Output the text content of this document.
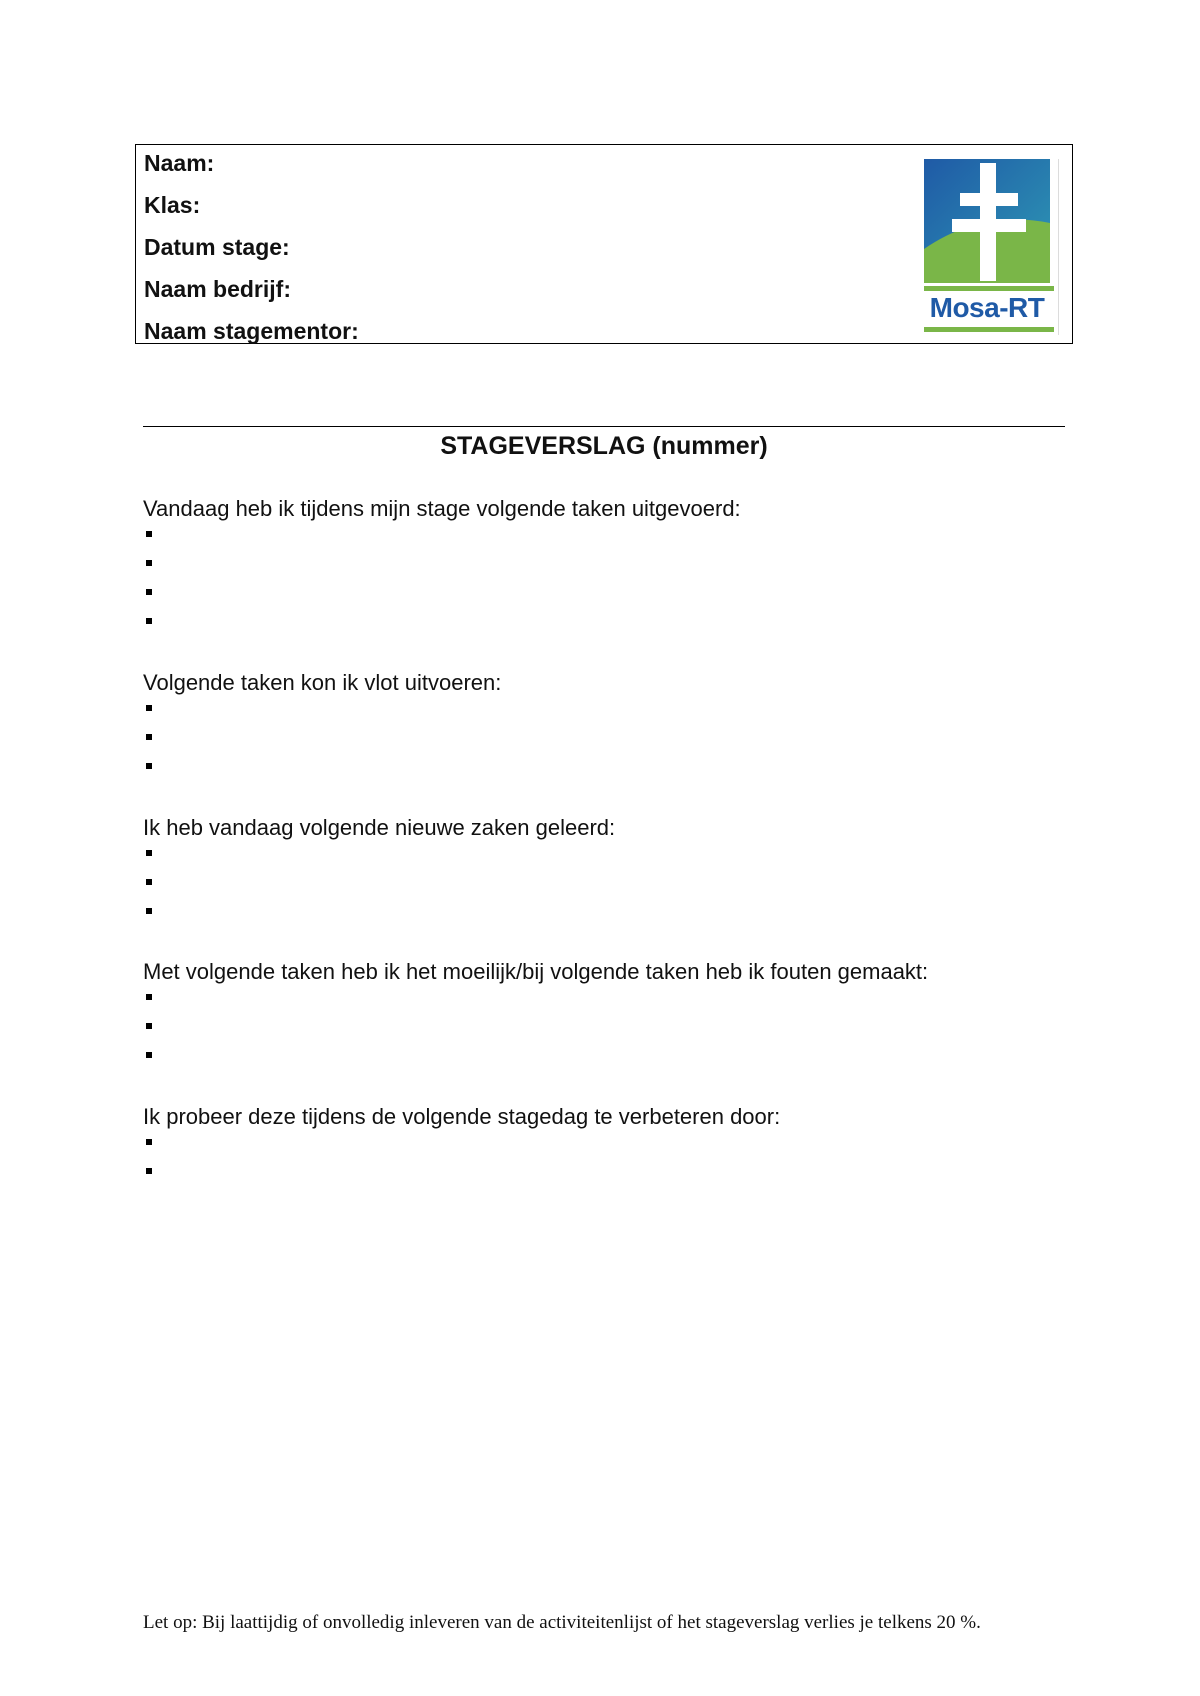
Naam:
Klas:
Datum stage:
Naam bedrijf:
Naam stagementor:
Mosa-RT
STAGEVERSLAG (nummer)
Vandaag heb ik tijdens mijn stage volgende taken uitgevoerd:
Volgende taken kon ik vlot uitvoeren:
Ik heb vandaag volgende nieuwe zaken geleerd:
Met volgende taken heb ik het moeilijk/bij volgende taken heb ik fouten gemaakt:
Ik probeer deze tijdens de volgende stagedag te verbeteren door:
Let op: Bij laattijdig of onvolledig inleveren van de activiteitenlijst of het stageverslag verlies je telkens 20 %.
